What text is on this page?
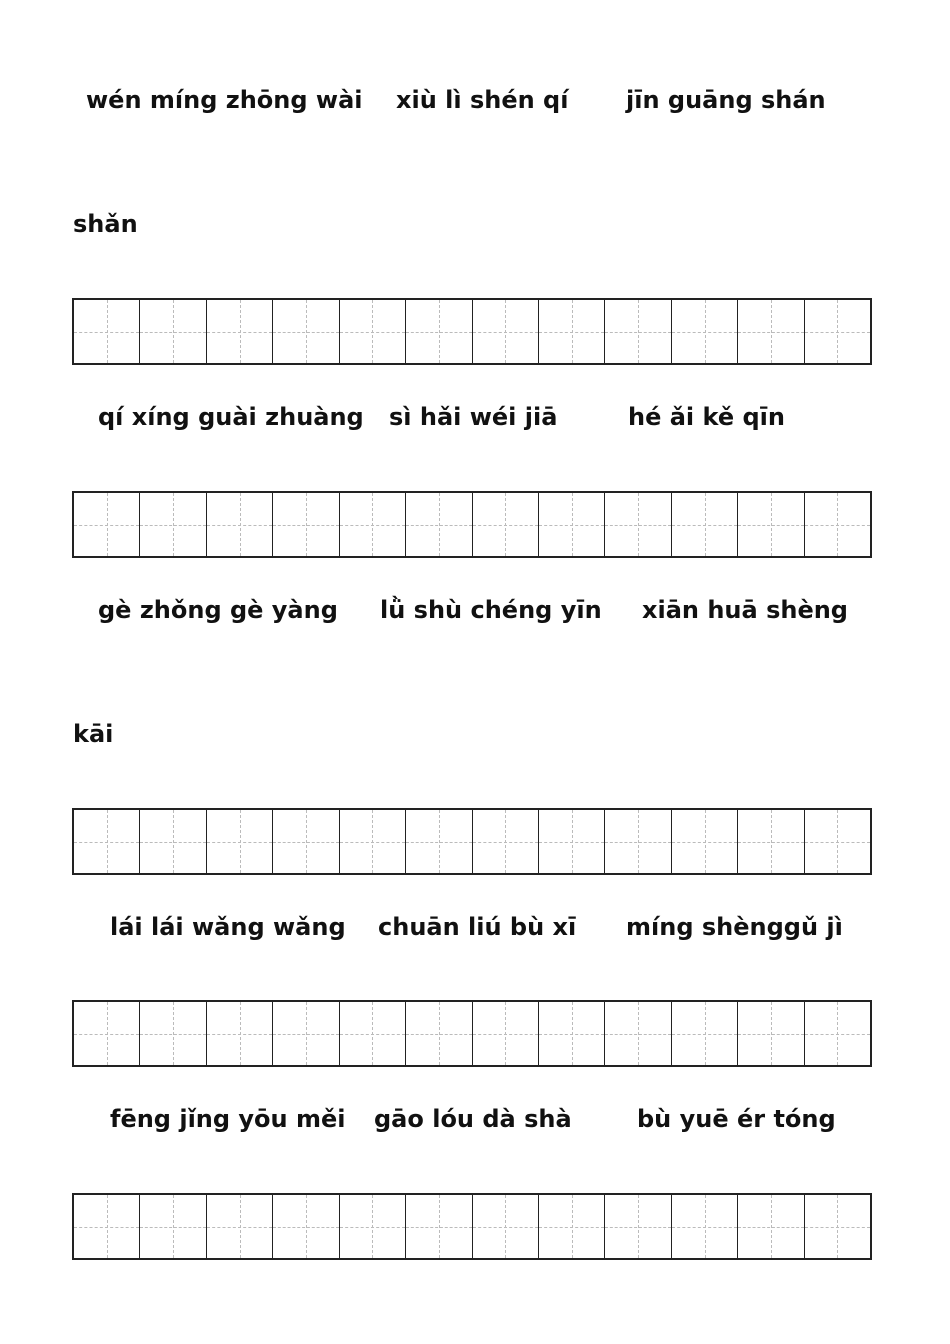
wén míng zhōng wài xiù lì shén qí jīn guāng shán
shǎn
qí xíng guài zhuàng sì hǎi wéi jiā	hé ǎi kě qīn
gè zhǒng gè yàng lǜ shù chéng yīn xiān huā shèng
kāi
lái lái wǎng wǎng chuān liú bù xī míng shènggǔ jì
fēng jǐng yōu měi gāo lóu dà shà	bù yuē ér tóng
